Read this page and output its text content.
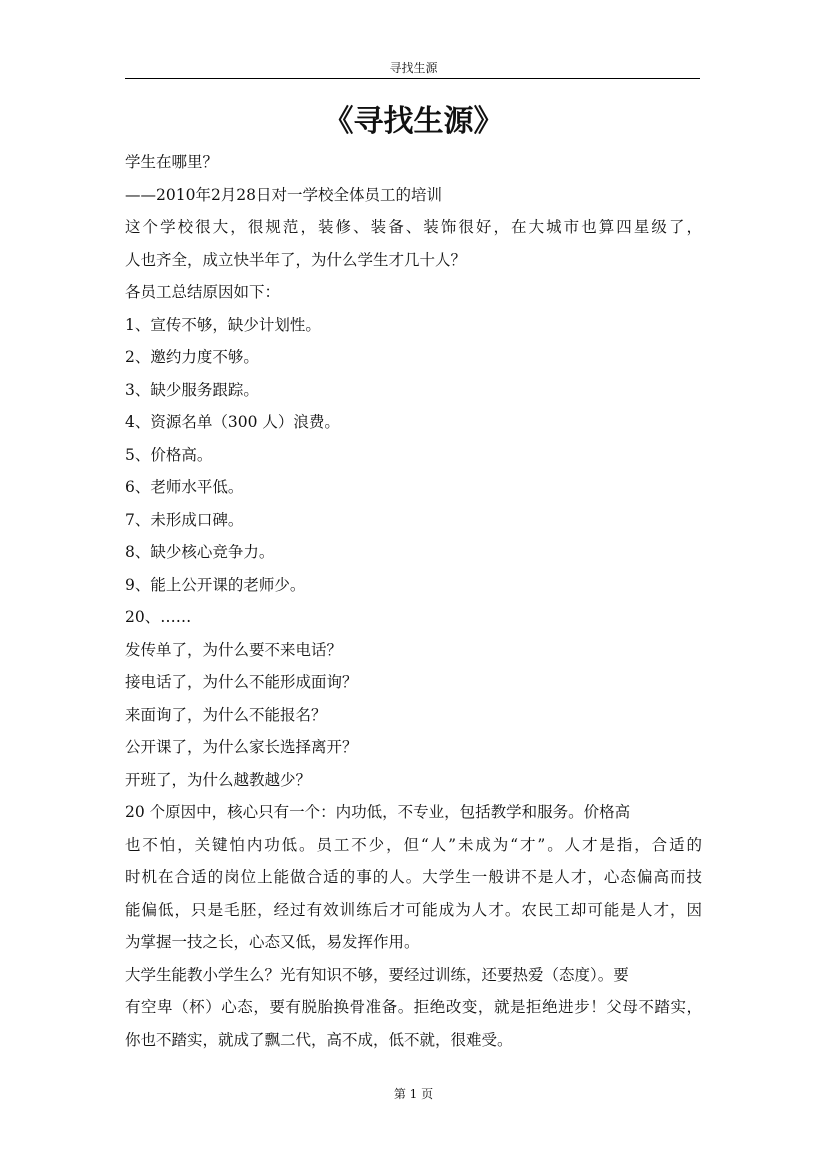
寻找生源
《寻找生源》
学生在哪里？
——2010年2月28日对一学校全体员工的培训
这个学校很大，很规范，装修、装备、装饰很好，在大城市也算四星级了，
人也齐全，成立快半年了，为什么学生才几十人？
各员工总结原因如下：
1、宣传不够，缺少计划性。
2、邀约力度不够。
3、缺少服务跟踪。
4、资源名单（300 人）浪费。
5、价格高。
6、老师水平低。
7、未形成口碑。
8、缺少核心竞争力。
9、能上公开课的老师少。
20、……
发传单了，为什么要不来电话？
接电话了，为什么不能形成面询？
来面询了，为什么不能报名？
公开课了，为什么家长选择离开？
开班了，为什么越教越少？
20 个原因中，核心只有一个：内功低，不专业，包括教学和服务。价格高
也不怕，关键怕内功低。员工不少，但“人”未成为“才”。人才是指，合适的
时机在合适的岗位上能做合适的事的人。大学生一般讲不是人才，心态偏高而技
能偏低，只是毛胚，经过有效训练后才可能成为人才。农民工却可能是人才，因
为掌握一技之长，心态又低，易发挥作用。
大学生能教小学生么？光有知识不够，要经过训练，还要热爱（态度）。要
有空卑（杯）心态，要有脱胎换骨准备。拒绝改变，就是拒绝进步！父母不踏实，
你也不踏实，就成了飘二代，高不成，低不就，很难受。
第 1 页
